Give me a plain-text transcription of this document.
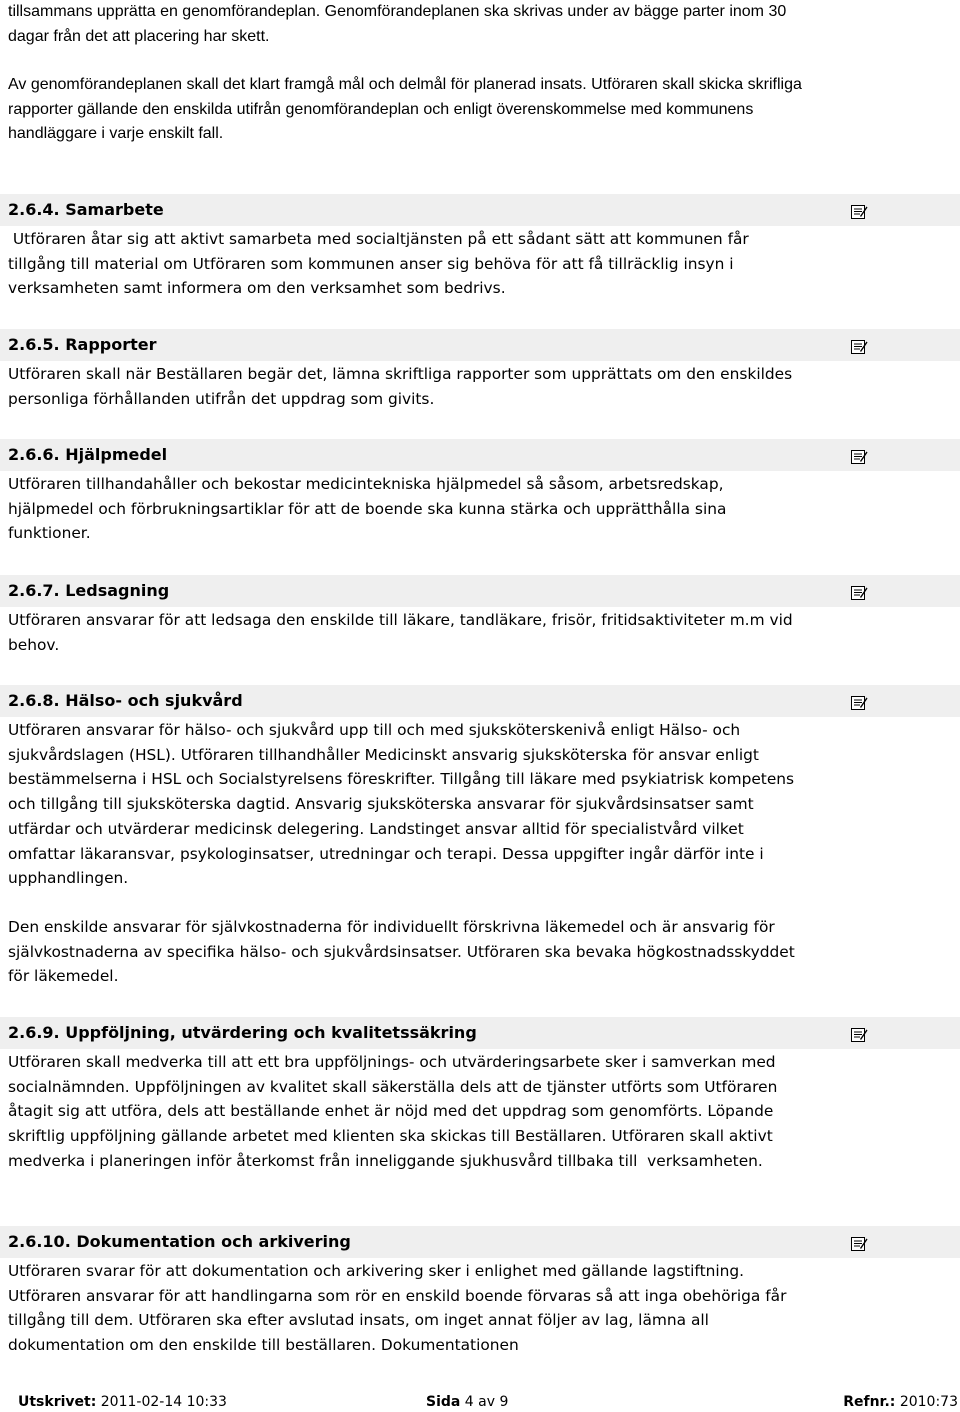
tillsammans upprätta en genomförandeplan. Genomförandeplanen ska skrivas under av bägge parter inom 30 dagar från det att placering har skett.

Av genomförandeplanen skall det klart framgå mål och delmål för planerad insats. Utföraren skall skicka skrifliga rapporter gällande den enskilda utifrån genomförandeplan och enligt överenskommelse med kommunens handläggare i varje enskilt fall.

2.6.4. Samarbete

Utföraren åtar sig att aktivt samarbeta med socialtjänsten på ett sådant sätt att kommunen får tillgång till material om Utföraren som kommunen anser sig behöva för att få tillräcklig insyn i verksamheten samt informera om den verksamhet som bedrivs.

2.6.5. Rapporter

Utföraren skall när Beställaren begär det, lämna skriftliga rapporter som upprättats om den enskildes personliga förhållanden utifrån det uppdrag som givits.

2.6.6. Hjälpmedel

Utföraren tillhandahåller och bekostar medicintekniska hjälpmedel så såsom, arbetsredskap, hjälpmedel och förbrukningsartiklar för att de boende ska kunna stärka och upprätthålla sina funktioner.

2.6.7. Ledsagning

Utföraren ansvarar för att ledsaga den enskilde till läkare, tandläkare, frisör, fritidsaktiviteter m.m vid behov.

2.6.8. Hälso- och sjukvård

Utföraren ansvarar för hälso- och sjukvård upp till och med sjuksköterskenivå enligt Hälso- och sjukvårdslagen (HSL). Utföraren tillhandhåller Medicinskt ansvarig sjuksköterska för ansvar enligt bestämmelserna i HSL och Socialstyrelsens föreskrifter. Tillgång till läkare med psykiatrisk kompetens och tillgång till sjuksköterska dagtid. Ansvarig sjuksköterska ansvarar för sjukvårdsinsatser samt utfärdar och utvärderar medicinsk delegering. Landstinget ansvar alltid för specialistvård vilket omfattar läkaransvar, psykologinsatser, utredningar och terapi. Dessa uppgifter ingår därför inte i upphandlingen.

Den enskilde ansvarar för självkostnaderna för individuellt förskrivna läkemedel och är ansvarig för självkostnaderna av specifika hälso- och sjukvårdsinsatser. Utföraren ska bevaka högkostnadsskyddet för läkemedel.

2.6.9. Uppföljning, utvärdering och kvalitetssäkring

Utföraren skall medverka till att ett bra uppföljnings- och utvärderingsarbete sker i samverkan med socialnämnden. Uppföljningen av kvalitet skall säkerställa dels att de tjänster utförts som Utföraren åtagit sig att utföra, dels att beställande enhet är nöjd med det uppdrag som genomförts. Löpande skriftlig uppföljning gällande arbetet med klienten ska skickas till Beställaren. Utföraren skall aktivt medverka i planeringen inför återkomst från inneliggande sjukhusvård tillbaka till  verksamheten.

2.6.10. Dokumentation och arkivering

Utföraren svarar för att dokumentation och arkivering sker i enlighet med gällande lagstiftning. Utföraren ansvarar för att handlingarna som rör en enskild boende förvaras så att inga obehöriga får tillgång till dem. Utföraren ska efter avslutad insats, om inget annat följer av lag, lämna all dokumentation om den enskilde till beställaren. Dokumentationen

Utskrivet: 2011-02-14 10:33	Sida 4 av 9	Refnr.: 2010:73
